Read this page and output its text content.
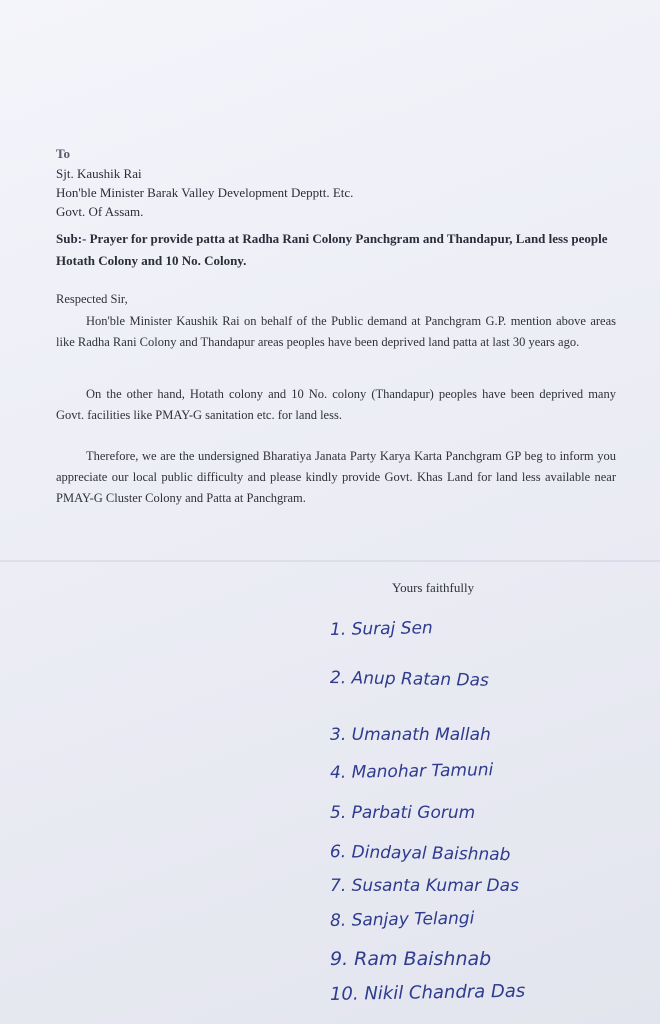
To
Sjt. Kaushik Rai
Hon'ble Minister Barak Valley Development Depptt. Etc.
Govt. Of Assam.
Sub:- Prayer for provide patta at Radha Rani Colony Panchgram and Thandapur, Land less people Hotath Colony and 10 No. Colony.
Respected Sir,
Hon'ble Minister Kaushik Rai on behalf of the Public demand at Panchgram G.P. mention above areas like Radha Rani Colony and Thandapur areas peoples have been deprived land patta at last 30 years ago.
On the other hand, Hotath colony and 10 No. colony (Thandapur) peoples have been deprived many Govt. facilities like PMAY-G sanitation etc. for land less.
Therefore, we are the undersigned Bharatiya Janata Party Karya Karta Panchgram GP beg to inform you appreciate our local public difficulty and please kindly provide Govt. Khas Land for land less available near PMAY-G Cluster Colony and Patta at Panchgram.
Yours faithfully
1. Suraj Sen
2. Anup Ratan Das
3. Umanath Mallah
4. Manohar Tamuni
5. Parbati Gorum
6. Dindayal Baishnab
7. Susanta Kumar Das
8. Sanjay Telangi
9. Ram Baishnab
10. Nikil Chandra Das
